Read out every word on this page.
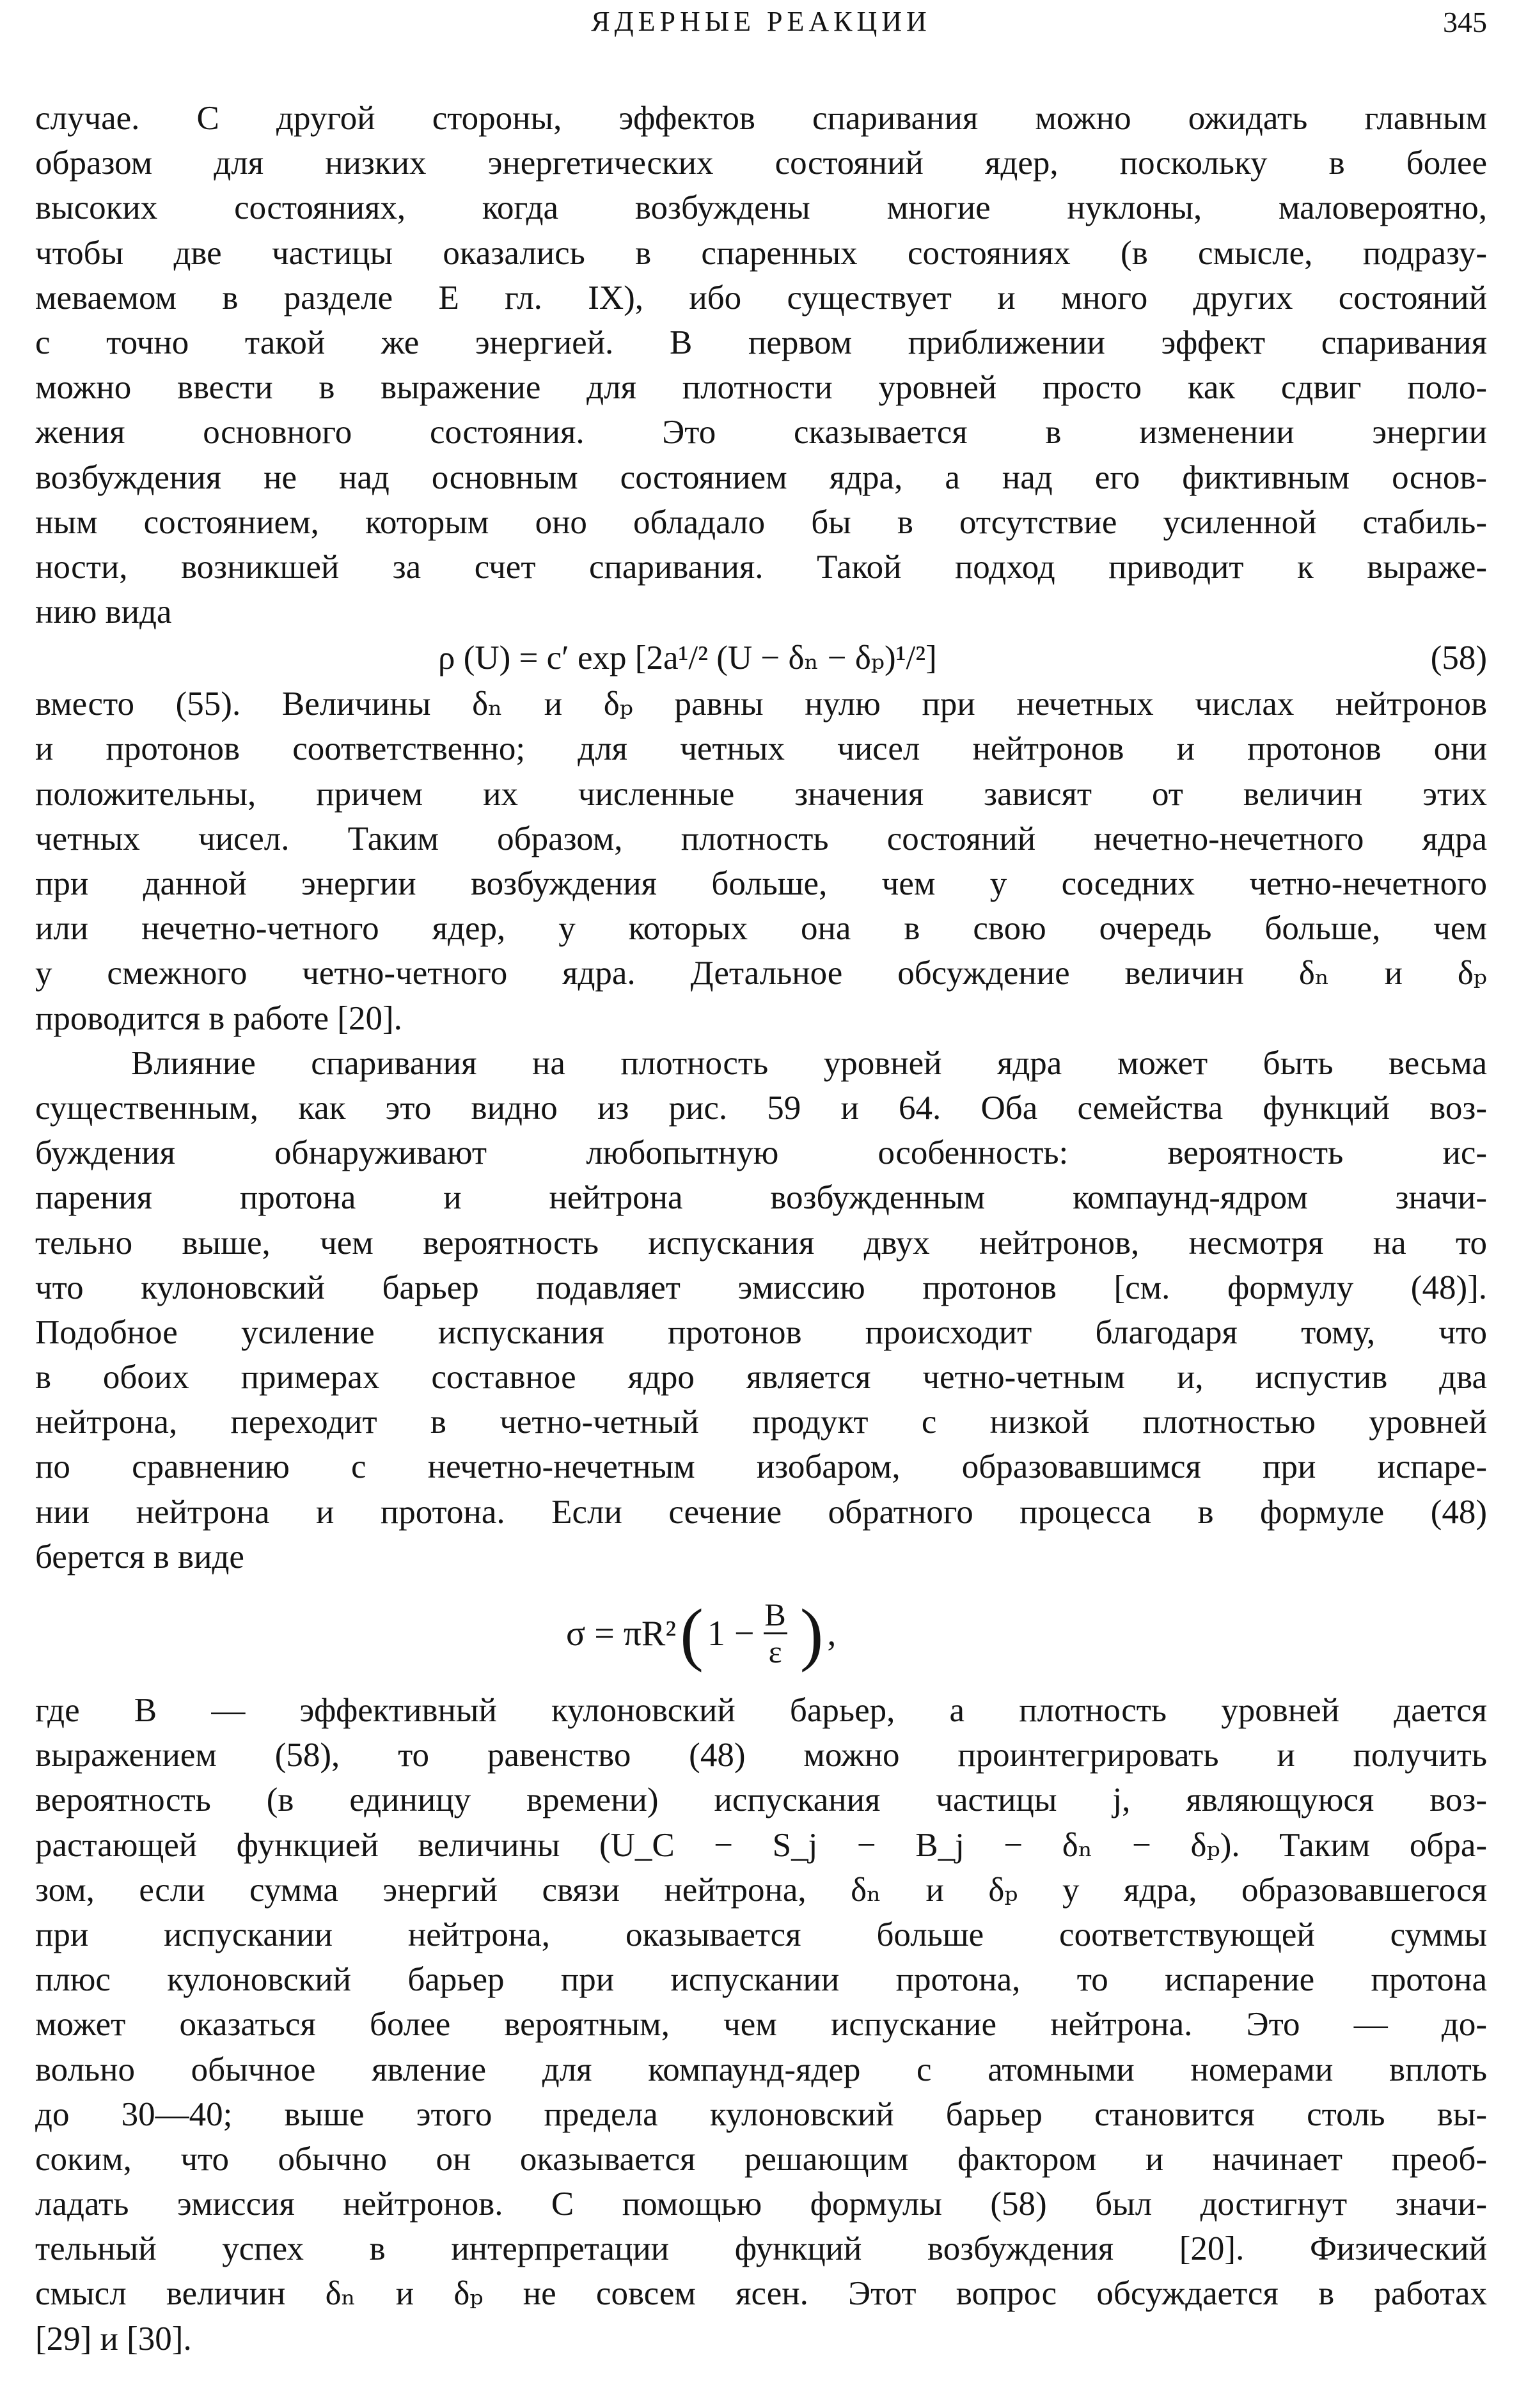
ЯДЕРНЫЕ РЕАКЦИИ	345
случае. С другой стороны, эффектов спаривания можно ожидать главным
образом для низких энергетических состояний ядер, поскольку в более
высоких состояниях, когда возбуждены многие нуклоны, маловероятно,
чтобы две частицы оказались в спаренных состояниях (в смысле, подразу-
меваемом в разделе Е гл. IX), ибо существует и много других состояний
с точно такой же энергией. В первом приближении эффект спаривания
можно ввести в выражение для плотности уровней просто как сдвиг поло-
жения основного состояния. Это сказывается в изменении энергии
возбуждения не над основным состоянием ядра, а над его фиктивным основ-
ным состоянием, которым оно обладало бы в отсутствие усиленной стабиль-
ности, возникшей за счет спаривания. Такой подход приводит к выраже-
нию вида
ρ (U) = c′ exp [2a¹/² (U − δₙ − δₚ)¹/²]	(58)
вместо (55). Величины δₙ и δₚ равны нулю при нечетных числах нейтронов
и протонов соответственно; для четных чисел нейтронов и протонов они
положительны, причем их численные значения зависят от величин этих
четных чисел. Таким образом, плотность состояний нечетно-нечетного ядра
при данной энергии возбуждения больше, чем у соседних четно-нечетного
или нечетно-четного ядер, у которых она в свою очередь больше, чем
у смежного четно-четного ядра. Детальное обсуждение величин δₙ и δₚ
проводится в работе [20].
Влияние спаривания на плотность уровней ядра может быть весьма
существенным, как это видно из рис. 59 и 64. Оба семейства функций воз-
буждения обнаруживают любопытную особенность: вероятность ис-
парения протона и нейтрона возбужденным компаунд-ядром значи-
тельно выше, чем вероятность испускания двух нейтронов, несмотря на то
что кулоновский барьер подавляет эмиссию протонов [см. формулу (48)].
Подобное усиление испускания протонов происходит благодаря тому, что
в обоих примерах составное ядро является четно-четным и, испустив два
нейтрона, переходит в четно-четный продукт с низкой плотностью уровней
по сравнению с нечетно-нечетным изобаром, образовавшимся при испаре-
нии нейтрона и протона. Если сечение обратного процесса в формуле (48)
берется в виде
σ = πR² ( $1 - \frac{B}{\varepsilon}$ ) ,
где B — эффективный кулоновский барьер, а плотность уровней дается
выражением (58), то равенство (48) можно проинтегрировать и получить
вероятность (в единицу времени) испускания частицы j, являющуюся воз-
растающей функцией величины (U_C − S_j − B_j − δₙ − δₚ). Таким обра-
зом, если сумма энергий связи нейтрона, δₙ и δₚ у ядра, образовавшегося
при испускании нейтрона, оказывается больше соответствующей суммы
плюс кулоновский барьер при испускании протона, то испарение протона
может оказаться более вероятным, чем испускание нейтрона. Это — до-
вольно обычное явление для компаунд-ядер с атомными номерами вплоть
до 30—40; выше этого предела кулоновский барьер становится столь вы-
соким, что обычно он оказывается решающим фактором и начинает преоб-
ладать эмиссия нейтронов. С помощью формулы (58) был достигнут значи-
тельный успех в интерпретации функций возбуждения [20]. Физический
смысл величин δₙ и δₚ не совсем ясен. Этот вопрос обсуждается в работах
[29] и [30].
